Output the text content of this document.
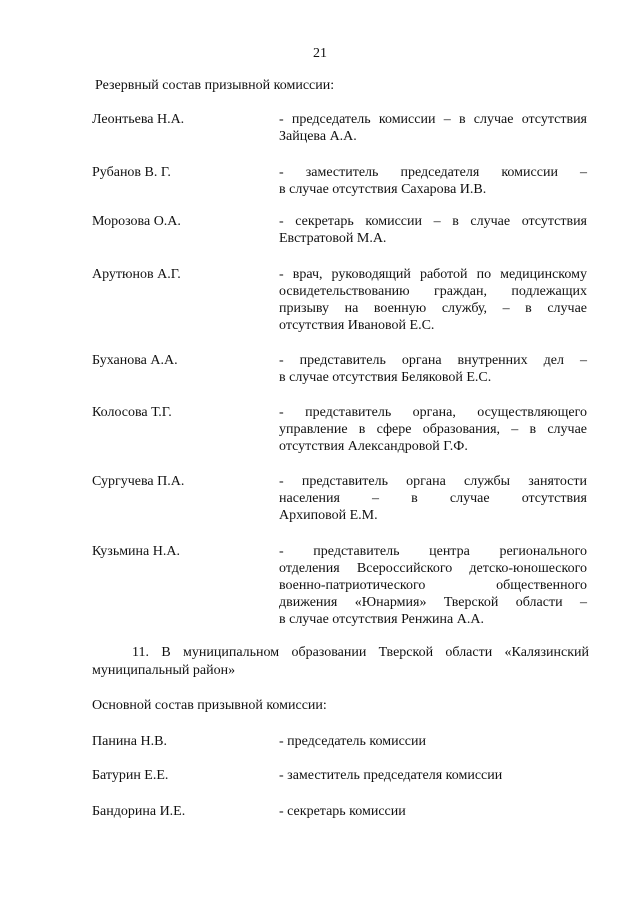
21
Резервный состав призывной комиссии:
Леонтьева Н.А.	- председатель комиссии – в случае отсутствия
Зайцева А.А.
Рубанов В. Г.	- заместитель председателя комиссии –
в случае отсутствия Сахарова И.В.
Морозова О.А.	- секретарь комиссии – в случае отсутствия
Евстратовой М.А.
Арутюнов А.Г.	- врач, руководящий работой по медицинскому
освидетельствованию граждан, подлежащих
призыву на военную службу, – в случае
отсутствия Ивановой Е.С.
Буханова А.А.	- представитель органа внутренних дел –
в случае отсутствия Беляковой Е.С.
Колосова Т.Г.	- представитель органа, осуществляющего
управление в сфере образования, – в случае
отсутствия Александровой Г.Ф.
Сургучева П.А.	- представитель органа службы занятости
населения – в случае отсутствия
Архиповой Е.М.
Кузьмина Н.А.	- представитель центра регионального
отделения Всероссийского детско-юношеского
военно-патриотического общественного
движения «Юнармия» Тверской области –
в случае отсутствия Ренжина А.А.
11. В муниципальном образовании Тверской области «Калязинский
муниципальный район»
Основной состав призывной комиссии:
Панина Н.В.	- председатель комиссии
Батурин Е.Е.	- заместитель председателя комиссии
Бандорина И.Е.	- секретарь комиссии
